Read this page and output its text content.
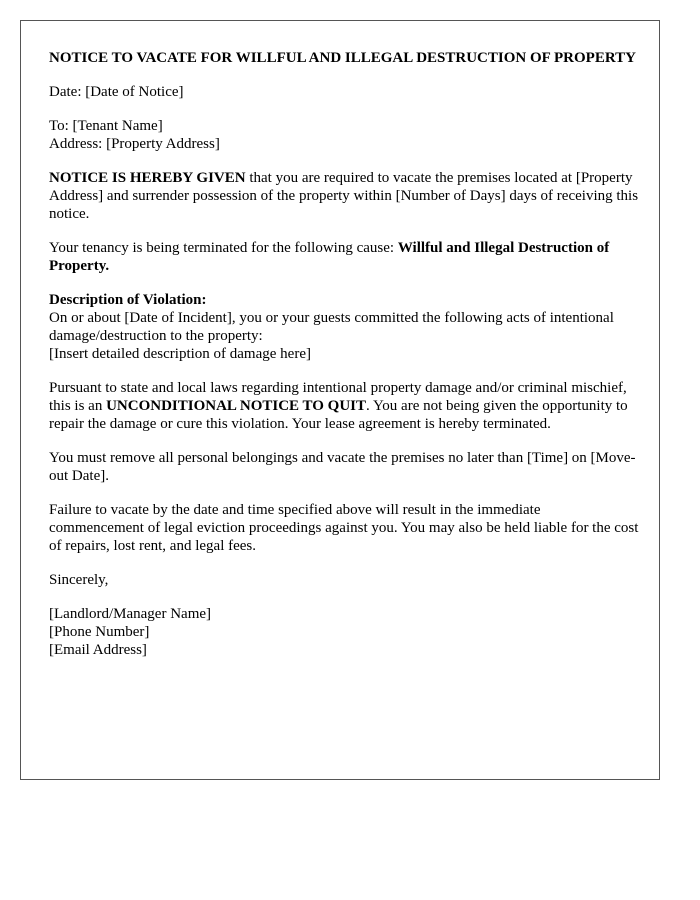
NOTICE TO VACATE FOR WILLFUL AND ILLEGAL DESTRUCTION OF PROPERTY

Date: [Date of Notice]

To: [Tenant Name]
Address: [Property Address]

NOTICE IS HEREBY GIVEN that you are required to vacate the premises located at [Property Address] and surrender possession of the property within [Number of Days] days of receiving this notice.

Your tenancy is being terminated for the following cause: Willful and Illegal Destruction of Property.

Description of Violation:
On or about [Date of Incident], you or your guests committed the following acts of intentional damage/destruction to the property:
[Insert detailed description of damage here]

Pursuant to state and local laws regarding intentional property damage and/or criminal mischief, this is an UNCONDITIONAL NOTICE TO QUIT. You are not being given the opportunity to repair the damage or cure this violation. Your lease agreement is hereby terminated.

You must remove all personal belongings and vacate the premises no later than [Time] on [Move-out Date].

Failure to vacate by the date and time specified above will result in the immediate commencement of legal eviction proceedings against you. You may also be held liable for the cost of repairs, lost rent, and legal fees.

Sincerely,

[Landlord/Manager Name]
[Phone Number]
[Email Address]
